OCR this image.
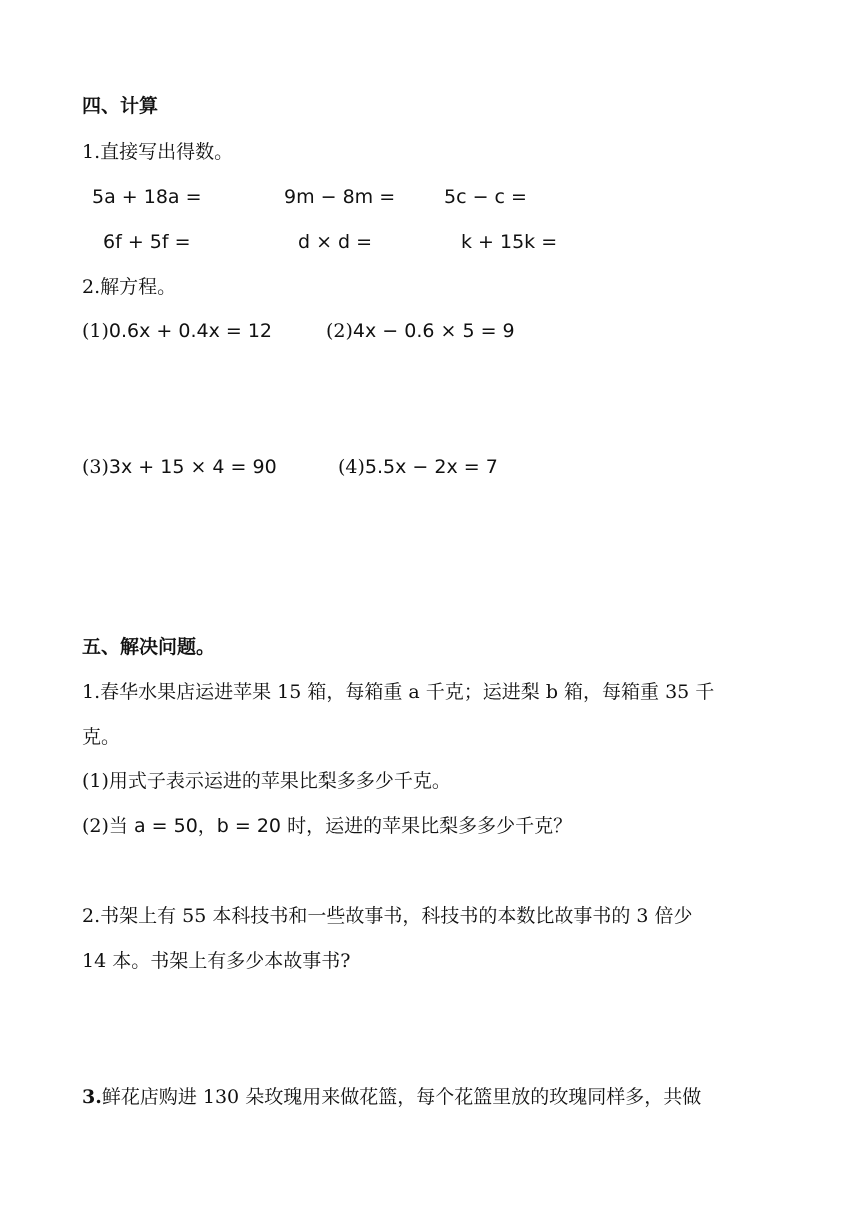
四、计算
1.直接写出得数。
5a + 18a =	9m − 8m =	5c − c =
6f + 5f =	d × d =	k + 15k =
2.解方程。
(1)0.6x + 0.4x = 12	(2)4x − 0.6 × 5 = 9
(3)3x + 15 × 4 = 90	(4)5.5x − 2x = 7
五、解决问题。
1.春华水果店运进苹果 15 箱，每箱重 a 千克；运进梨 b 箱，每箱重 35 千
克。
(1)用式子表示运进的苹果比梨多多少千克。
(2)当 a = 50，b = 20 时，运进的苹果比梨多多少千克？
2.书架上有 55 本科技书和一些故事书，科技书的本数比故事书的 3 倍少
14 本。书架上有多少本故事书?
3.鲜花店购进 130 朵玫瑰用来做花篮，每个花篮里放的玫瑰同样多，共做
